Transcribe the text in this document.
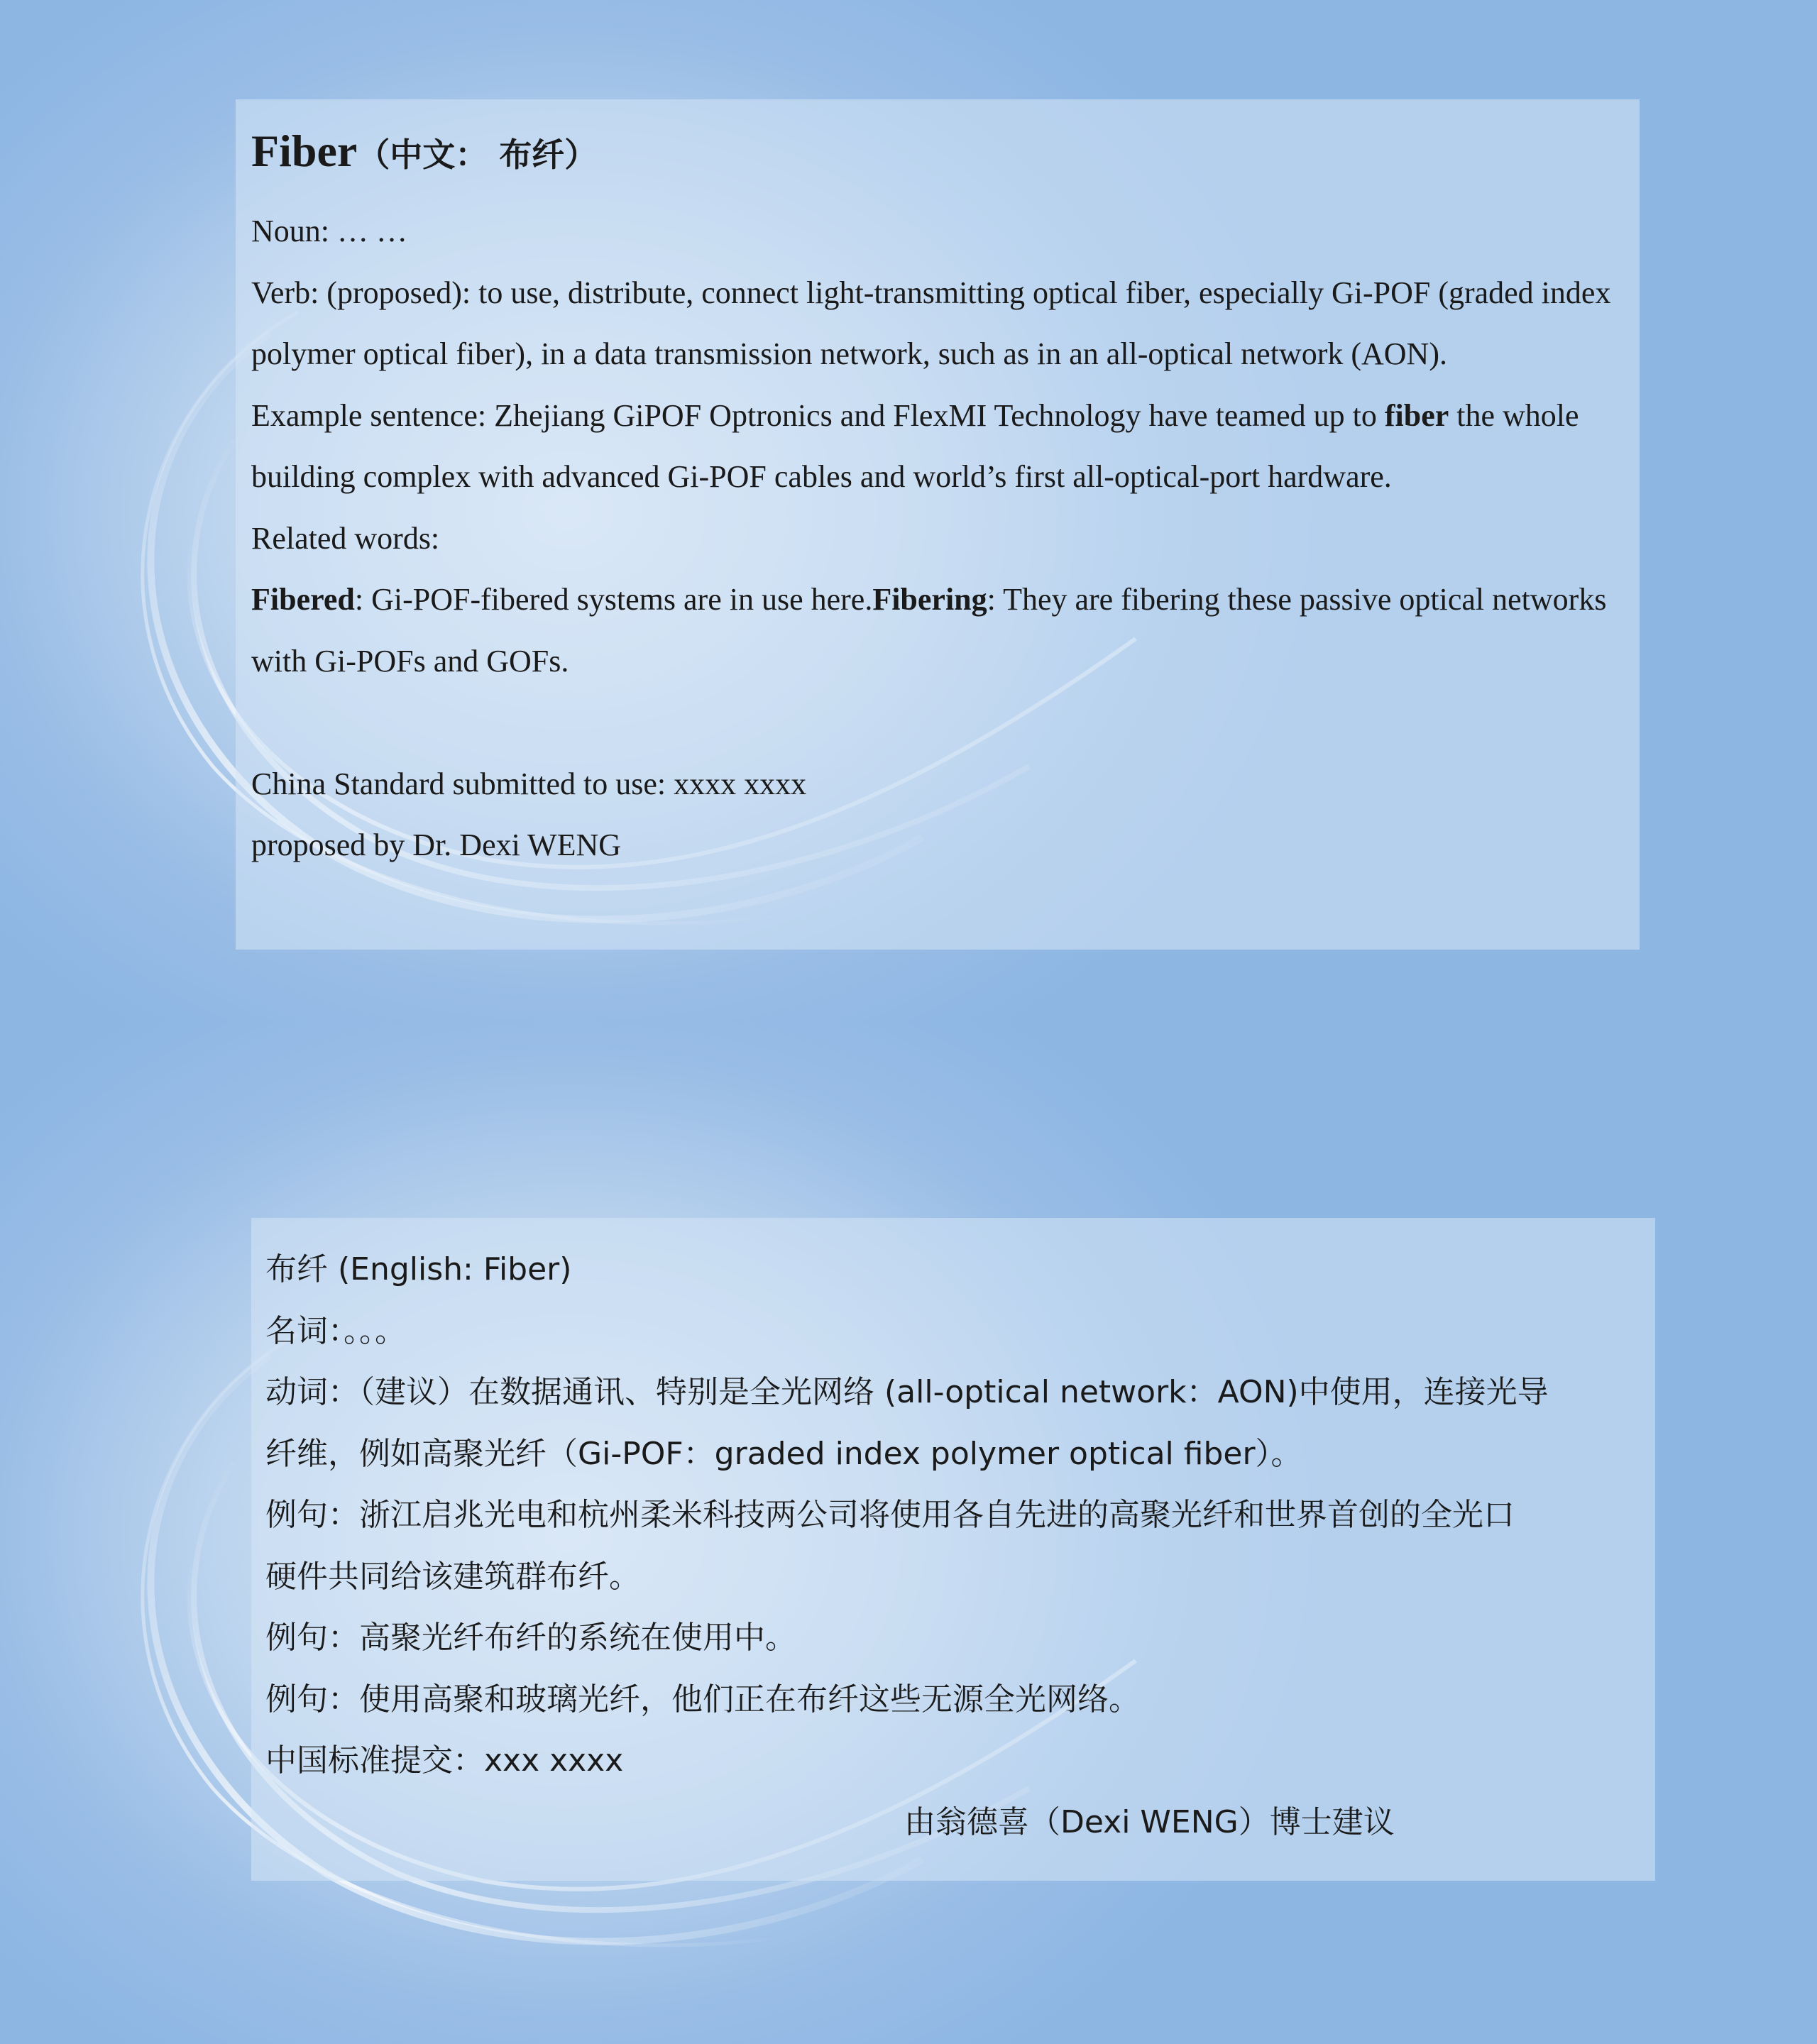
Fiber（中文： 布纤）
Noun: … …
Verb: (proposed): to use, distribute, connect light-transmitting optical fiber, especially Gi-POF (graded index polymer optical fiber), in a data transmission network, such as in an all-optical network (AON).
Example sentence: Zhejiang GiPOF Optronics and FlexMI Technology have teamed up to fiber the whole building complex with advanced Gi-POF cables and world’s first all-optical-port hardware.
Related words:
Fibered: Gi-POF-fibered systems are in use here.Fibering: They are fibering these passive optical networks with Gi-POFs and GOFs.
China Standard submitted to use: xxxx xxxx
proposed by Dr. Dexi WENG
布纤 (English: Fiber)
名词：。。。
动词：（建议）在数据通讯、特别是全光网络 (all-optical network：AON)中使用，连接光导
纤维，例如高聚光纤（Gi-POF：graded index polymer optical fiber）。
例句：浙江启兆光电和杭州柔米科技两公司将使用各自先进的高聚光纤和世界首创的全光口
硬件共同给该建筑群布纤。
例句：高聚光纤布纤的系统在使用中。
例句：使用高聚和玻璃光纤，他们正在布纤这些无源全光网络。
中国标准提交：xxx xxxx
由翁德喜（Dexi WENG）博士建议
